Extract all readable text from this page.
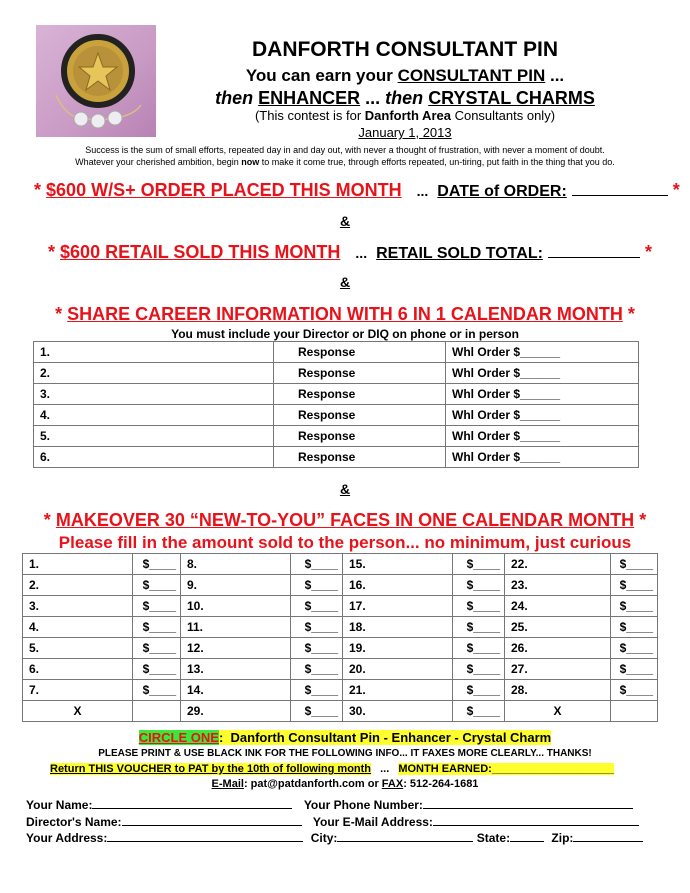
DANFORTH CONSULTANT PIN
You can earn your CONSULTANT PIN ...
then ENHANCER ... then CRYSTAL CHARMS
(This contest is for Danforth Area Consultants only)
January 1, 2013
Success is the sum of small efforts, repeated day in and day out, with never a thought of frustration, with never a moment of doubt.
Whatever your cherished ambition, begin now to make it come true, through efforts repeated, un-tiring, put faith in the thing that you do.
* $600 W/S+ ORDER PLACED THIS MONTH ... DATE of ORDER:	*
&
* $600 RETAIL SOLD THIS MONTH ... RETAIL SOLD TOTAL:	*
&
* SHARE CAREER INFORMATION WITH 6 IN 1 CALENDAR MONTH *
You must include your Director or DIQ on phone or in person
1.	Response	Whl Order $______
2.	Response	Whl Order $______
3.	Response	Whl Order $______
4.	Response	Whl Order $______
5.	Response	Whl Order $______
6.	Response	Whl Order $______
&
* MAKEOVER 30 “NEW-TO-YOU” FACES IN ONE CALENDAR MONTH *
Please fill in the amount sold to the person... no minimum, just curious
1.	$____	8.	$____	15.	$____	22.	$____
2.	$____	9.	$____	16.	$____	23.	$____
3.	$____	10.	$____	17.	$____	24.	$____
4.	$____	11.	$____	18.	$____	25.	$____
5.	$____	12.	$____	19.	$____	26.	$____
6.	$____	13.	$____	20.	$____	27.	$____
7.	$____	14.	$____	21.	$____	28.	$____
X		29.	$____	30.	$____	X	
CIRCLE ONE: Danforth Consultant Pin - Enhancer - Crystal Charm
PLEASE PRINT & USE BLACK INK FOR THE FOLLOWING INFO... IT FAXES MORE CLEARLY... THANKS!
Return THIS VOUCHER to PAT by the 10th of following month ... MONTH EARNED:____________________
E-Mail: pat@patdanforth.com or FAX: 512-264-1681
Your Name:	Your Phone Number:
Director's Name:	Your E-Mail Address:
Your Address:	City:	State:	Zip:
